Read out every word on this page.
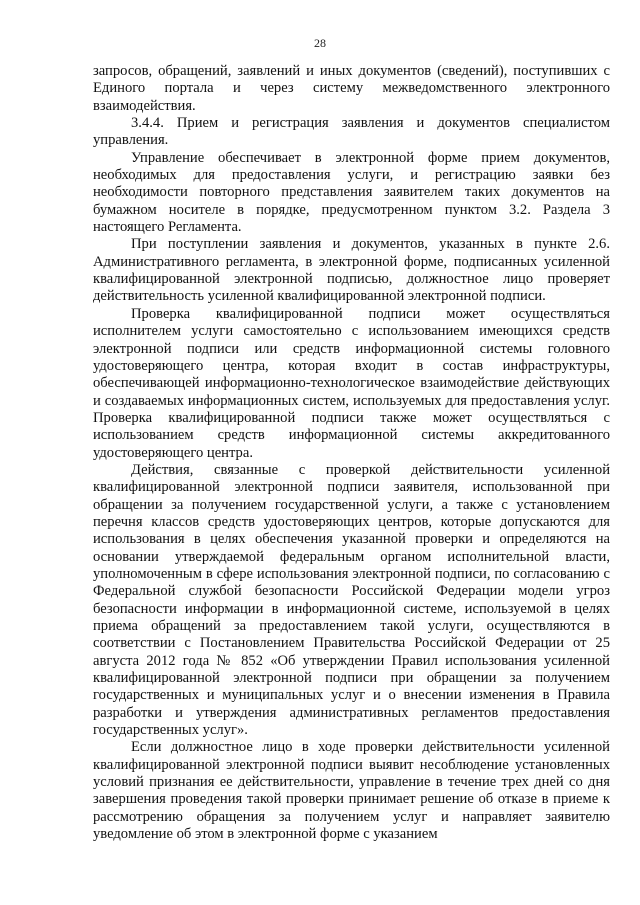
28

запросов, обращений, заявлений и иных документов (сведений), поступивших с Единого портала и через систему межведомственного электронного взаимодействия.

3.4.4. Прием и регистрация заявления и документов специалистом управления.

Управление обеспечивает в электронной форме прием документов, необходимых для предоставления услуги, и регистрацию заявки без необходимости повторного представления заявителем таких документов на бумажном носителе в порядке, предусмотренном пунктом 3.2. Раздела 3 настоящего Регламента.

При поступлении заявления и документов, указанных в пункте 2.6. Административного регламента, в электронной форме, подписанных усиленной квалифицированной электронной подписью, должностное лицо проверяет действительность усиленной квалифицированной электронной подписи.

Проверка квалифицированной подписи может осуществляться исполнителем услуги самостоятельно с использованием имеющихся средств электронной подписи или средств информационной системы головного удостоверяющего центра, которая входит в состав инфраструктуры, обеспечивающей информационно-технологическое взаимодействие действующих и создаваемых информационных систем, используемых для предоставления услуг. Проверка квалифицированной подписи также может осуществляться с использованием средств информационной системы аккредитованного удостоверяющего центра.

Действия, связанные с проверкой действительности усиленной квалифицированной электронной подписи заявителя, использованной при обращении за получением государственной услуги, а также с установлением перечня классов средств удостоверяющих центров, которые допускаются для использования в целях обеспечения указанной проверки и определяются на основании утверждаемой федеральным органом исполнительной власти, уполномоченным в сфере использования электронной подписи, по согласованию с Федеральной службой безопасности Российской Федерации модели угроз безопасности информации в информационной системе, используемой в целях приема обращений за предоставлением такой услуги, осуществляются в соответствии с Постановлением Правительства Российской Федерации от 25 августа 2012 года № 852 «Об утверждении Правил использования усиленной квалифицированной электронной подписи при обращении за получением государственных и муниципальных услуг и о внесении изменения в Правила разработки и утверждения административных регламентов предоставления государственных услуг».

Если должностное лицо в ходе проверки действительности усиленной квалифицированной электронной подписи выявит несоблюдение установленных условий признания ее действительности, управление в течение трех дней со дня завершения проведения такой проверки принимает решение об отказе в приеме к рассмотрению обращения за получением услуг и направляет заявителю уведомление об этом в электронной форме с указанием
